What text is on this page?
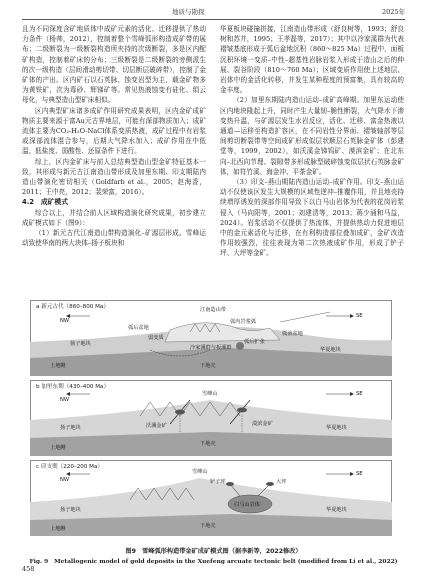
地质与勘探	2025年

且为不同深度含矿地质体中成矿元素的活化、迁移提供了热动力条件（杨帅，2012），控制着整个雪峰弧形构造成矿带的展布；二级断裂为一级断裂构造所夹持的次级断裂，多是区内配矿构造，控制着矿床的分布；三级断裂是二级断裂的旁侧派生的次一级构造（层间滑动剪切带、切层断层破碎带），控制了金矿体的产出。区内矿石以石英脉、蚀变岩型为主，载金矿物多为黄铁矿，次为毒砂、辉锑矿等。常见热液蚀变有硅化、绢云母化，与典型造山型矿床相似。

区内典型矿床诸多成矿作用研究成果表明，区内金矿成矿物质主要来源于富Au元古界地层，可能有深部物质加入；成矿流体主要为CO₂-H₂O-NaCl体系变质热液，成矿过程中有岩浆或深部流体混合参与，后期大气降水加入；成矿作用在中低温、低盐度、弱酸性、还原条件下进行。

综上，区内金矿床与前人总结典型造山型金矿特征基本一致，其形成与新元古江南造山带形成及加里东期、印支期陆内造山带演化密切相关（Goldfarb et al.，2005；赵海香，2011；王中亮，2012；裴荣富，2016）。

4.2　成矿模式

综合以上，并结合前人区域构造演化研究成果，初步建立成矿模式如下（图9）：

（1）新元古代江南造山带构造演化–矿源层形成。雪峰运动致使华南的两大块体–扬子板块和

华夏板块碰撞拼接，江南造山带形成（舒良树等，1993；舒良树和苏井，1995；王孝磊等，2017）；其中以冷家溪群为代表褶皱基底形成于弧后盆地沉积（860～825 Ma）过程中，面板沉积环境一变质–中性–超基性岩脉岩浆入形成于造山之后的伸展、裂谷阶段（810～760 Ma）；区域变质作用使上述地层、岩体中的金活化转移，并发生某种程度的预富集，具有较高的金丰度。

（2）加里东期陆内造山运动–成矿高峰期。加里东运动使区内地块隆起上升，同时产生大量韧–脆性断裂，大气降水下渗变热升温，与矿源层发生水岩反应，活化、迁移、富金热液以通道—运移至构造扩容区，在不同岩性分界面、褶皱轴部等层间剪切断裂带等空间成矿形成似层状顺层石英脉金矿体（彭建堂等，1999，2002），如沃溪金锑钨矿、漠滨金矿；在北东向–北西向节理、裂隙带多形成脉型破碎蚀变似层状石英脉金矿体，如符竹溪、海金冲、平茶金矿。

（3）印支–燕山期陆内造山运动–成矿作用。印支–燕山运动不仅使该区发生大规模的区域性逆冲–推覆作用，并且地壳持续增厚诱发的深部作用导致下以白马山岩体为代表的花岗岩浆侵入（马向阳等，2001；刘建清等，2013；蒋少涌和马益，2024）。岩浆活动不仅提供了热流体，并提供热动力促进地层中的金元素活化与迁移，在有利构造部位叠加成矿，金矿改造作用较强烈，往往表现为第二次热液成矿作用，形成了铲子坪、大坪等金矿。

a 新元古代（860–800 Ma）	江南造山带
NW
SE
扬子地块
华夏地块
弧后盆地
弧内岩浆弧
弧前盆地
弱变质
弧后扩张
冷家溪群与板溪群
上地幔	下地壳
b 加里东期（430–400 Ma）
NW
雪峰山	SE
沃溪金矿	漠滨金矿
扬子地块	华夏地块
下地壳
上地幔
c 印支期（220–200 Ma）
NW
雪峰山	SE
铲子坪	大坪
扬子地块	华夏地块
白马山岩体
下地壳
上地幔
图9　雪峰弧形构造带金矿成矿模式图（据李新等，2022修改）
Fig. 9　Metallogenic model of gold deposits in the Xuefeng arcuate tectonic belt (modified from Li et al., 2022)
458
